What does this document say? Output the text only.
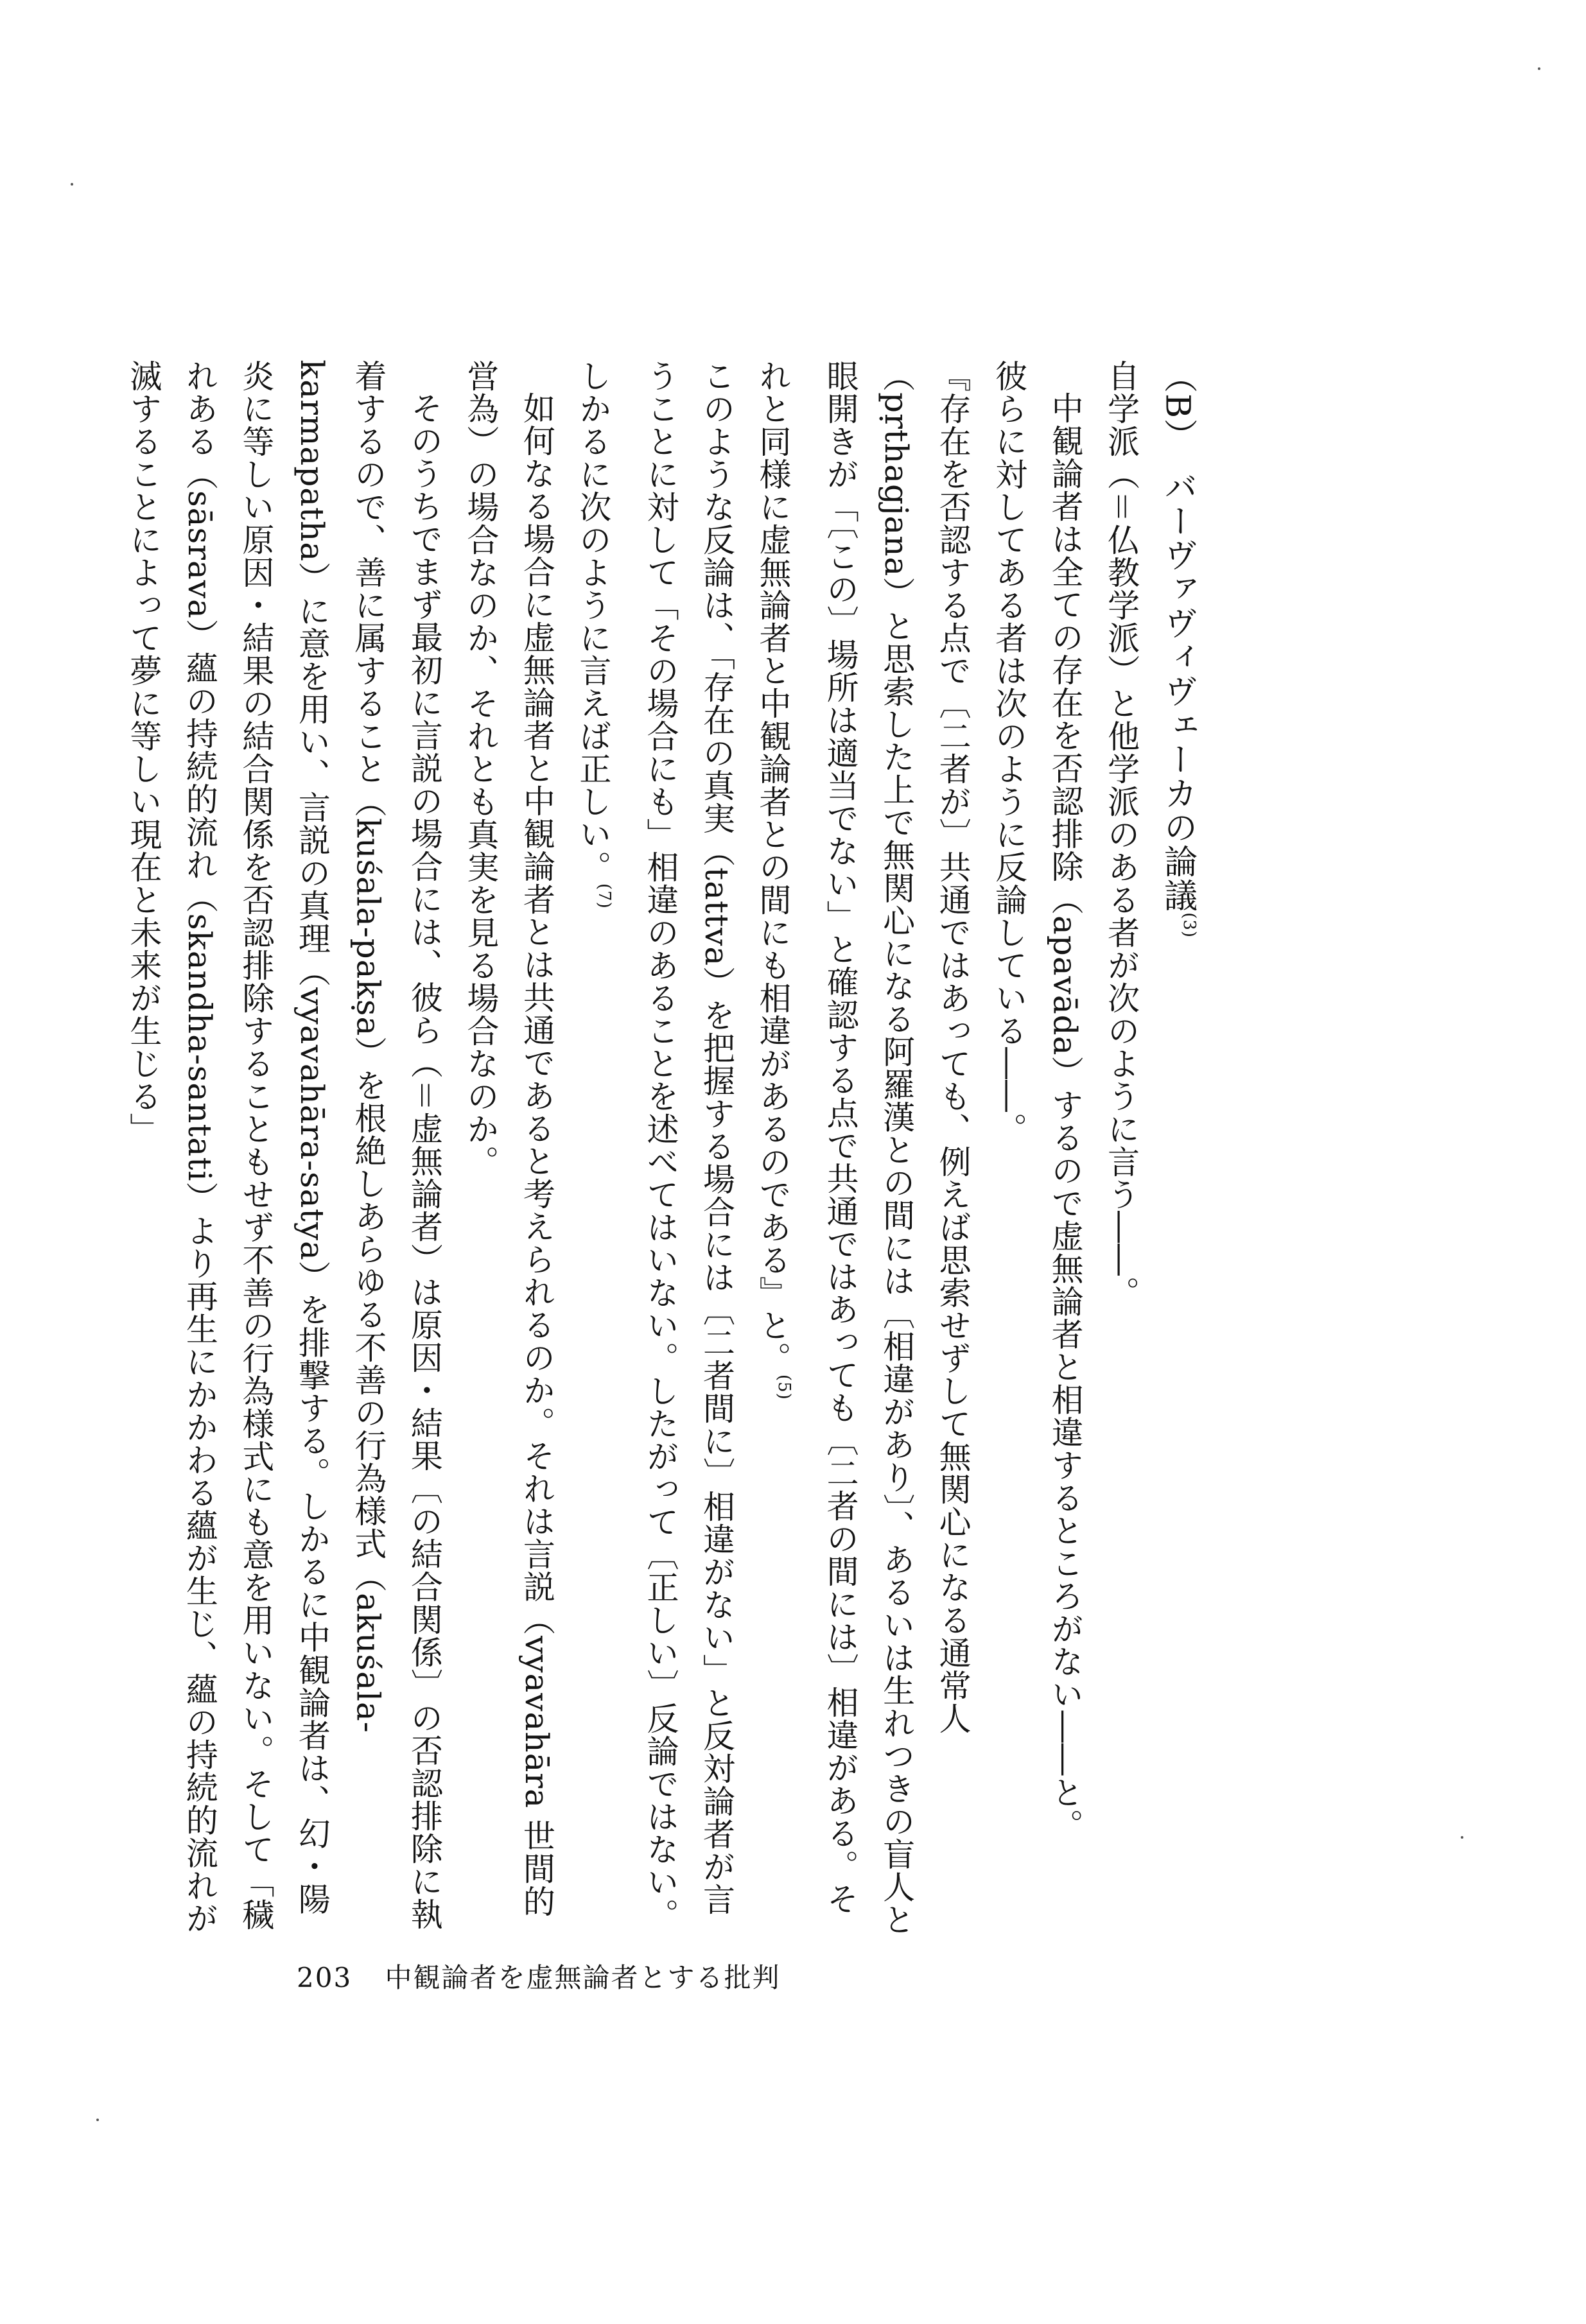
（B）　バーヴァヴィヴェーカの論議$^{(3)}$

自学派（＝仏教学派）と他学派のある者が次のように言う――。

中観論者は全ての存在を否認排除（apavāda）するので虚無論者と相違するところがない――と。

彼らに対してある者は次のように反論している――。

『存在を否認する点で〔二者が〕共通ではあっても、例えば思索せずして無関心になる通常人（pṛthagjana）と思索した上で無関心になる阿羅漢との間には〔相違があり〕、あるいは生れつきの盲人と眼開きが「〔この〕場所は適当でない」と確認する点で共通ではあっても〔二者の間には〕相違がある。それと同様に虚無論者と中観論者との間にも相違があるのである』と。$^{(5)}$

このような反論は、「存在の真実（tattva）を把握する場合には〔二者間に〕相違がない」と反対論者が言うことに対して「その場合にも」相違のあることを述べてはいない。したがって〔正しい〕反論ではない。

しかるに次のように言えば正しい。$^{(7)}$

如何なる場合に虚無論者と中観論者とは共通であると考えられるのか。それは言説（vyavahāra 世間的営為）の場合なのか、それとも真実を見る場合なのか。

そのうちでまず最初に言説の場合には、彼ら（＝虚無論者）は原因・結果〔の結合関係〕の否認排除に執着するので、善に属すること（kuśala-pakṣa）を根絶しあらゆる不善の行為様式（akuśala-karmapatha）に意を用い、言説の真理（vyavahāra-satya）を排撃する。しかるに中観論者は、幻・陽炎に等しい原因・結果の結合関係を否認排除することもせず不善の行為様式にも意を用いない。そして「穢れある（sāsrava）蘊の持続的流れ（skandha-santati）より再生にかかわる蘊が生じ、蘊の持続的流れが滅することによって夢に等しい現在と未来が生じる」

203 中観論者を虚無論者とする批判
